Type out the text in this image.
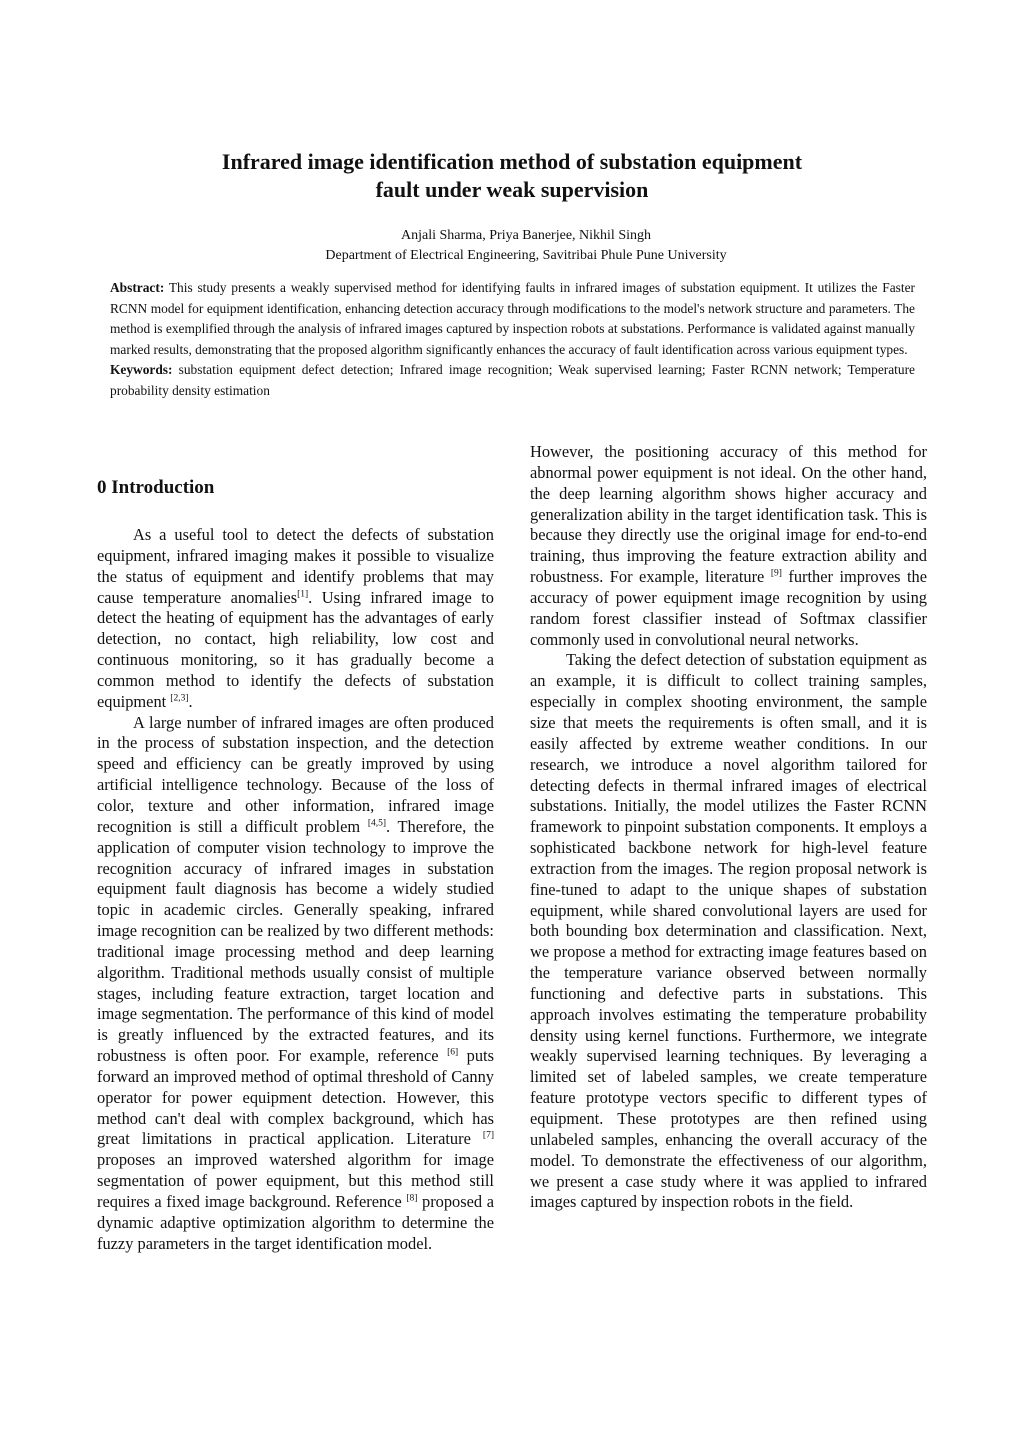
Infrared image identification method of substation equipment
fault under weak supervision
Anjali Sharma, Priya Banerjee, Nikhil Singh
Department of Electrical Engineering, Savitribai Phule Pune University

Abstract: This study presents a weakly supervised method for identifying faults in infrared images of substation equipment. It utilizes the Faster RCNN model for equipment identification, enhancing detection accuracy through modifications to the model's network structure and parameters. The method is exemplified through the analysis of infrared images captured by inspection robots at substations. Performance is validated against manually marked results, demonstrating that the proposed algorithm significantly enhances the accuracy of fault identification across various equipment types.

Keywords: substation equipment defect detection; Infrared image recognition; Weak supervised learning; Faster RCNN network; Temperature probability density estimation

0 Introduction

As a useful tool to detect the defects of substation equipment, infrared imaging makes it possible to visualize the status of equipment and identify problems that may cause temperature anomalies[1]. Using infrared image to detect the heating of equipment has the advantages of early detection, no contact, high reliability, low cost and continuous monitoring, so it has gradually become a common method to identify the defects of substation equipment [2,3].

A large number of infrared images are often produced in the process of substation inspection, and the detection speed and efficiency can be greatly improved by using artificial intelligence technology. Because of the loss of color, texture and other information, infrared image recognition is still a difficult problem [4,5]. Therefore, the application of computer vision technology to improve the recognition accuracy of infrared images in substation equipment fault diagnosis has become a widely studied topic in academic circles. Generally speaking, infrared image recognition can be realized by two different methods: traditional image processing method and deep learning algorithm. Traditional methods usually consist of multiple stages, including feature extraction, target location and image segmentation. The performance of this kind of model is greatly influenced by the extracted features, and its robustness is often poor. For example, reference [6] puts forward an improved method of optimal threshold of Canny operator for power equipment detection. However, this method can't deal with complex background, which has great limitations in practical application. Literature [7] proposes an improved watershed algorithm for image segmentation of power equipment, but this method still requires a fixed image background. Reference [8] proposed a dynamic adaptive optimization algorithm to determine the fuzzy parameters in the target identification model.

However, the positioning accuracy of this method for abnormal power equipment is not ideal. On the other hand, the deep learning algorithm shows higher accuracy and generalization ability in the target identification task. This is because they directly use the original image for end-to-end training, thus improving the feature extraction ability and robustness. For example, literature [9] further improves the accuracy of power equipment image recognition by using random forest classifier instead of Softmax classifier commonly used in convolutional neural networks.

Taking the defect detection of substation equipment as an example, it is difficult to collect training samples, especially in complex shooting environment, the sample size that meets the requirements is often small, and it is easily affected by extreme weather conditions. In our research, we introduce a novel algorithm tailored for detecting defects in thermal infrared images of electrical substations. Initially, the model utilizes the Faster RCNN framework to pinpoint substation components. It employs a sophisticated backbone network for high-level feature extraction from the images. The region proposal network is fine-tuned to adapt to the unique shapes of substation equipment, while shared convolutional layers are used for both bounding box determination and classification. Next, we propose a method for extracting image features based on the temperature variance observed between normally functioning and defective parts in substations. This approach involves estimating the temperature probability density using kernel functions. Furthermore, we integrate weakly supervised learning techniques. By leveraging a limited set of labeled samples, we create temperature feature prototype vectors specific to different types of equipment. These prototypes are then refined using unlabeled samples, enhancing the overall accuracy of the model. To demonstrate the effectiveness of our algorithm, we present a case study where it was applied to infrared images captured by inspection robots in the field.
